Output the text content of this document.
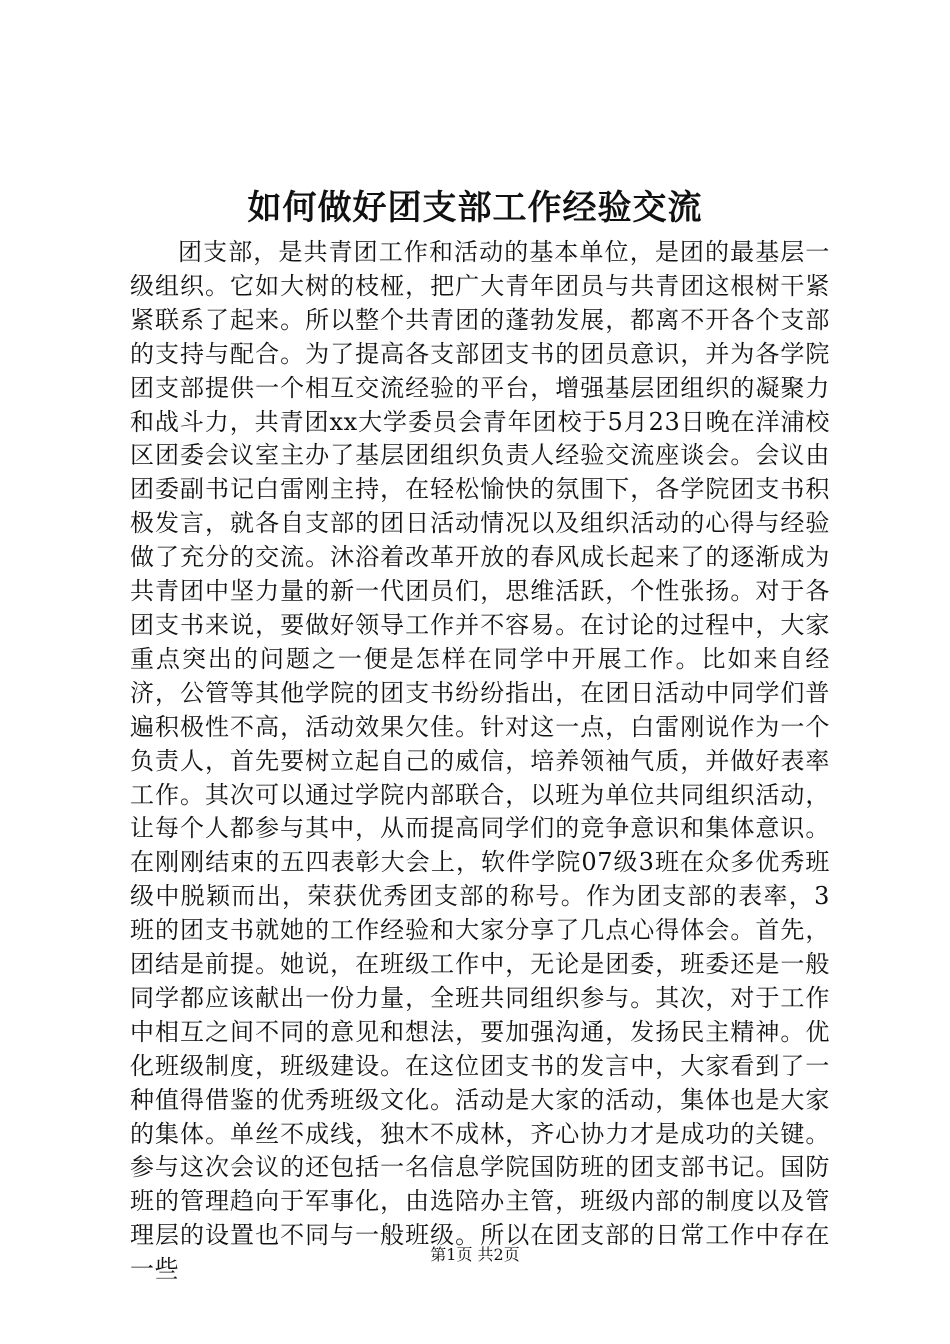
如何做好团支部工作经验交流

团支部，是共青团工作和活动的基本单位，是团的最基层一级组织。它如大树的枝桠，把广大青年团员与共青团这根树干紧紧联系了起来。所以整个共青团的蓬勃发展，都离不开各个支部的支持与配合。为了提高各支部团支书的团员意识，并为各学院团支部提供一个相互交流经验的平台，增强基层团组织的凝聚力和战斗力，共青团xx大学委员会青年团校于5月23日晚在洋浦校区团委会议室主办了基层团组织负责人经验交流座谈会。会议由团委副书记白雷刚主持，在轻松愉快的氛围下，各学院团支书积极发言，就各自支部的团日活动情况以及组织活动的心得与经验做了充分的交流。沐浴着改革开放的春风成长起来了的逐渐成为共青团中坚力量的新一代团员们，思维活跃，个性张扬。对于各团支书来说，要做好领导工作并不容易。在讨论的过程中，大家重点突出的问题之一便是怎样在同学中开展工作。比如来自经济，公管等其他学院的团支书纷纷指出，在团日活动中同学们普遍积极性不高，活动效果欠佳。针对这一点，白雷刚说作为一个负责人，首先要树立起自己的威信，培养领袖气质，并做好表率工作。其次可以通过学院内部联合，以班为单位共同组织活动，让每个人都参与其中，从而提高同学们的竞争意识和集体意识。在刚刚结束的五四表彰大会上，软件学院07级3班在众多优秀班级中脱颖而出，荣获优秀团支部的称号。作为团支部的表率，3班的团支书就她的工作经验和大家分享了几点心得体会。首先，团结是前提。她说，在班级工作中，无论是团委，班委还是一般同学都应该献出一份力量，全班共同组织参与。其次，对于工作中相互之间不同的意见和想法，要加强沟通，发扬民主精神。优化班级制度，班级建设。在这位团支书的发言中，大家看到了一种值得借鉴的优秀班级文化。活动是大家的活动，集体也是大家的集体。单丝不成线，独木不成林，齐心协力才是成功的关键。参与这次会议的还包括一名信息学院国防班的团支部书记。国防班的管理趋向于军事化，由选陪办主管，班级内部的制度以及管理层的设置也不同与一般班级。所以在团支部的日常工作中存在一些

第1页 共2页
